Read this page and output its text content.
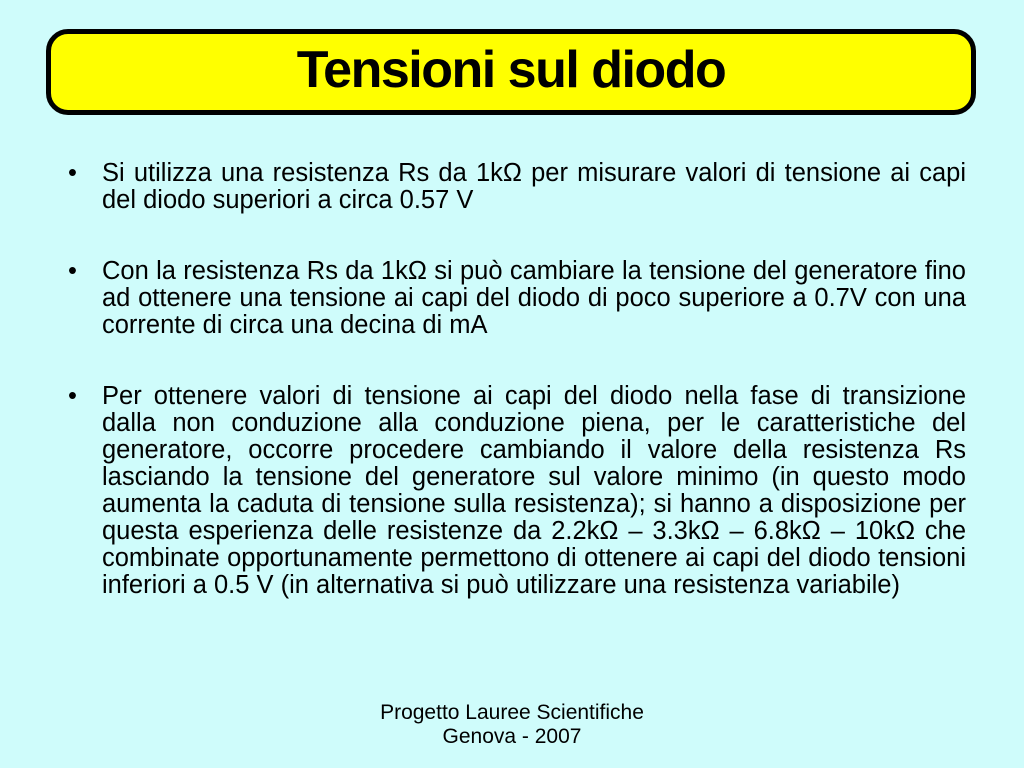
Tensioni sul diodo
• Si utilizza una resistenza Rs da 1kΩ per misurare valori di tensione ai capi del diodo superiori a circa 0.57 V
• Con la resistenza Rs da 1kΩ si può cambiare la tensione del generatore fino ad ottenere una tensione ai capi del diodo di poco superiore a 0.7V con una corrente di circa una decina di mA
• Per ottenere valori di tensione ai capi del diodo nella fase di transizione dalla non conduzione alla conduzione piena, per le caratteristiche del generatore, occorre procedere cambiando il valore della resistenza Rs lasciando la tensione del generatore sul valore minimo (in questo modo aumenta la caduta di tensione sulla resistenza); si hanno a disposizione per questa esperienza delle resistenze da 2.2kΩ – 3.3kΩ – 6.8kΩ – 10kΩ che combinate opportunamente permettono di ottenere ai capi del diodo tensioni inferiori a 0.5 V (in alternativa si può utilizzare una resistenza variabile)
Progetto Lauree Scientifiche
Genova - 2007
